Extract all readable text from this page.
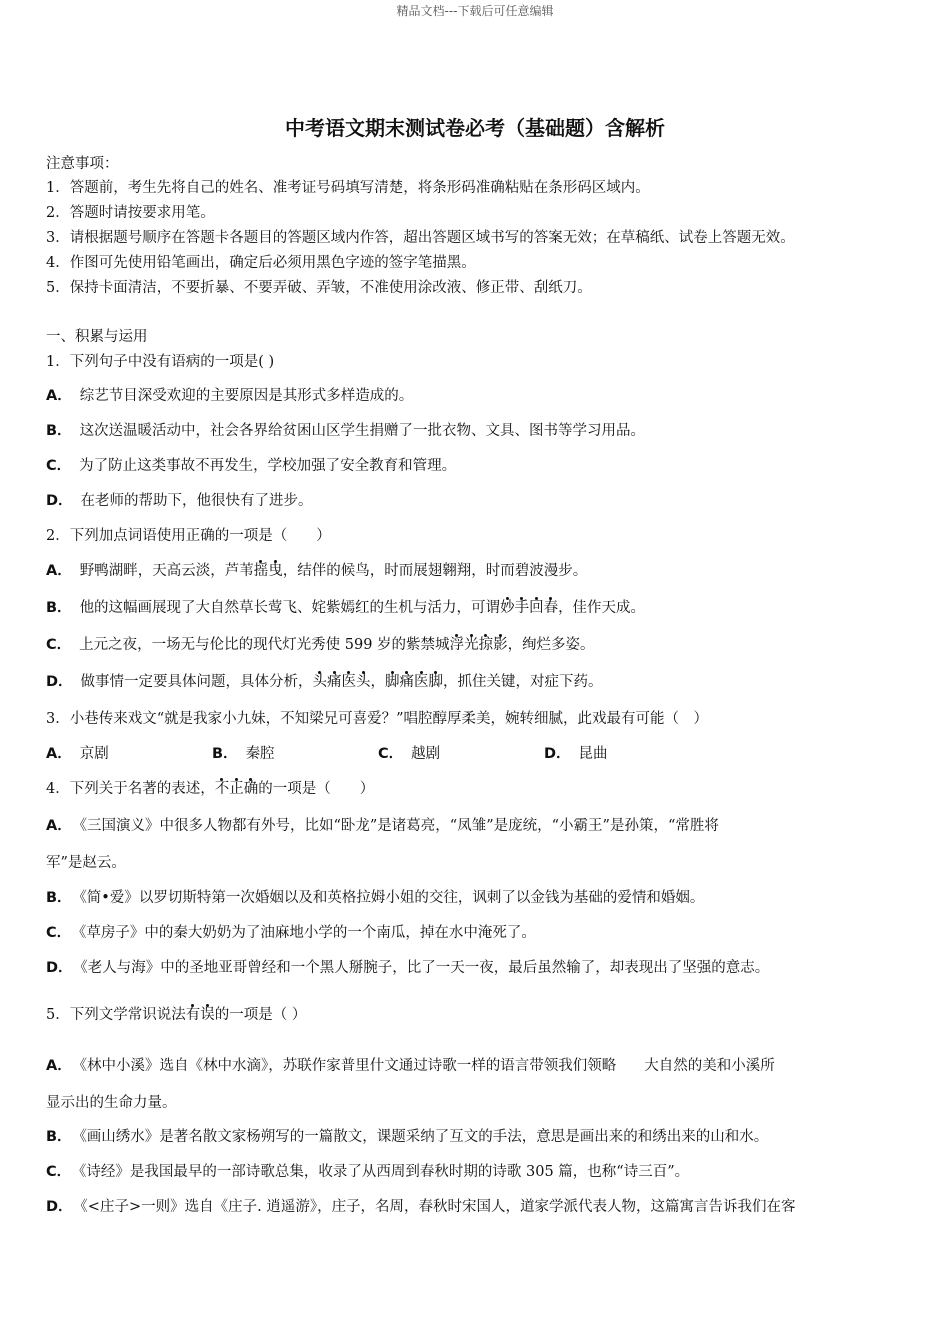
精品文档---下载后可任意编辑
中考语文期末测试卷必考（基础题）含解析
注意事项：
1．答题前，考生先将自己的姓名、准考证号码填写清楚，将条形码准确粘贴在条形码区域内。
2．答题时请按要求用笔。
3．请根据题号顺序在答题卡各题目的答题区域内作答，超出答题区域书写的答案无效；在草稿纸、试卷上答题无效。
4．作图可先使用铅笔画出，确定后必须用黑色字迹的签字笔描黑。
5．保持卡面清洁，不要折暴、不要弄破、弄皱，不准使用涂改液、修正带、刮纸刀。
一、积累与运用
1．下列句子中没有语病的一项是( )
A． 综艺节目深受欢迎的主要原因是其形式多样造成的。
B． 这次送温暖活动中，社会各界给贫困山区学生捐赠了一批衣物、文具、图书等学习用品。
C． 为了防止这类事故不再发生，学校加强了安全教育和管理。
D． 在老师的帮助下，他很快有了进步。
2．下列加点词语使用正确的一项是（　　）
A． 野鸭湖畔，天高云淡，芦苇摇曳，结伴的候鸟，时而展翅翱翔，时而碧波漫步。
B． 他的这幅画展现了大自然草长莺飞、姹紫嫣红的生机与活力，可谓妙手回春，佳作天成。
C． 上元之夜，一场无与伦比的现代灯光秀使 599 岁的紫禁城浮光掠影，绚烂多姿。
D． 做事情一定要具体问题，具体分析，头痛医头，脚痛医脚，抓住关键，对症下药。
3．小巷传来戏文“就是我家小九妹，不知梁兄可喜爱？”唱腔醇厚柔美，婉转细腻，此戏最有可能（　）
A． 京剧	B． 秦腔	C． 越剧	D． 昆曲
4．下列关于名著的表述，不正确的一项是（　　）
A． 《三国演义》中很多人物都有外号，比如“卧龙”是诸葛亮，“凤雏”是庞统，“小霸王”是孙策，“常胜将
军”是赵云。
B． 《简•爱》以罗切斯特第一次婚姻以及和英格拉姆小姐的交往，讽刺了以金钱为基础的爱情和婚姻。
C． 《草房子》中的秦大奶奶为了油麻地小学的一个南瓜，掉在水中淹死了。
D． 《老人与海》中的圣地亚哥曾经和一个黑人掰腕子，比了一天一夜，最后虽然输了，却表现出了坚强的意志。
5．下列文学常识说法有误的一项是（ ）
A． 《林中小溪》选自《林中水滴》，苏联作家普里什文通过诗歌一样的语言带领我们领略 大自然的美和小溪所
显示出的生命力量。
B． 《画山绣水》是著名散文家杨朔写的一篇散文，课题采纳了互文的手法，意思是画出来的和绣出来的山和水。
C． 《诗经》是我国最早的一部诗歌总集，收录了从西周到春秋时期的诗歌 305 篇，也称“诗三百”。
D． 《<庄子>一则》选自《庄子. 逍遥游》，庄子，名周，春秋时宋国人，道家学派代表人物，这篇寓言告诉我们在客
